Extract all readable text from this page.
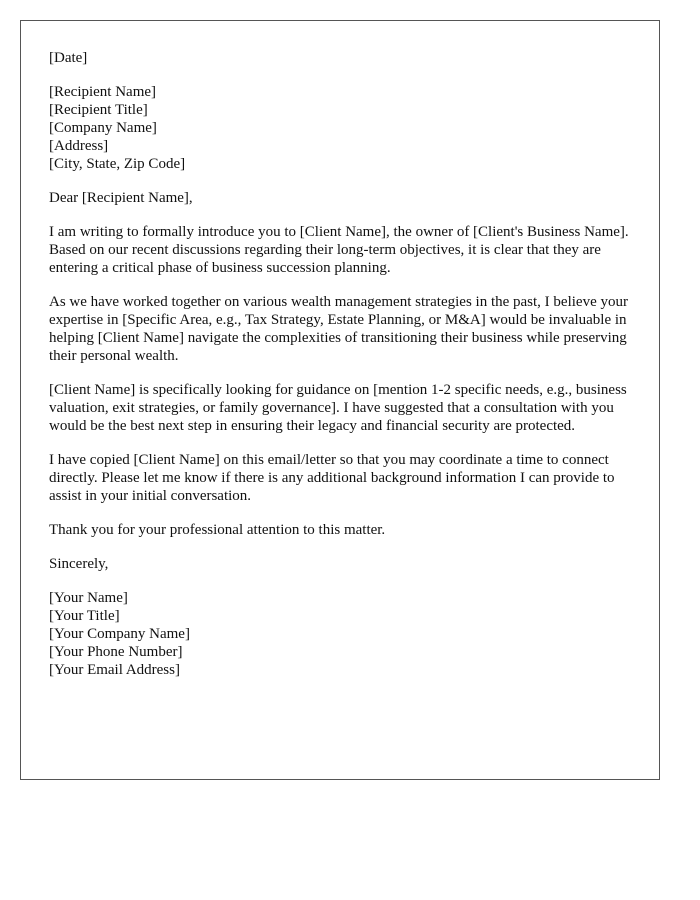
[Date]
[Recipient Name]
[Recipient Title]
[Company Name]
[Address]
[City, State, Zip Code]

Dear [Recipient Name],

I am writing to formally introduce you to [Client Name], the owner of [Client's Business Name]. Based on our recent discussions regarding their long-term objectives, it is clear that they are entering a critical phase of business succession planning.

As we have worked together on various wealth management strategies in the past, I believe your expertise in [Specific Area, e.g., Tax Strategy, Estate Planning, or M&A] would be invaluable in helping [Client Name] navigate the complexities of transitioning their business while preserving their personal wealth.

[Client Name] is specifically looking for guidance on [mention 1-2 specific needs, e.g., business valuation, exit strategies, or family governance]. I have suggested that a consultation with you would be the best next step in ensuring their legacy and financial security are protected.

I have copied [Client Name] on this email/letter so that you may coordinate a time to connect directly. Please let me know if there is any additional background information I can provide to assist in your initial conversation.

Thank you for your professional attention to this matter.

Sincerely,

[Your Name]
[Your Title]
[Your Company Name]
[Your Phone Number]
[Your Email Address]
